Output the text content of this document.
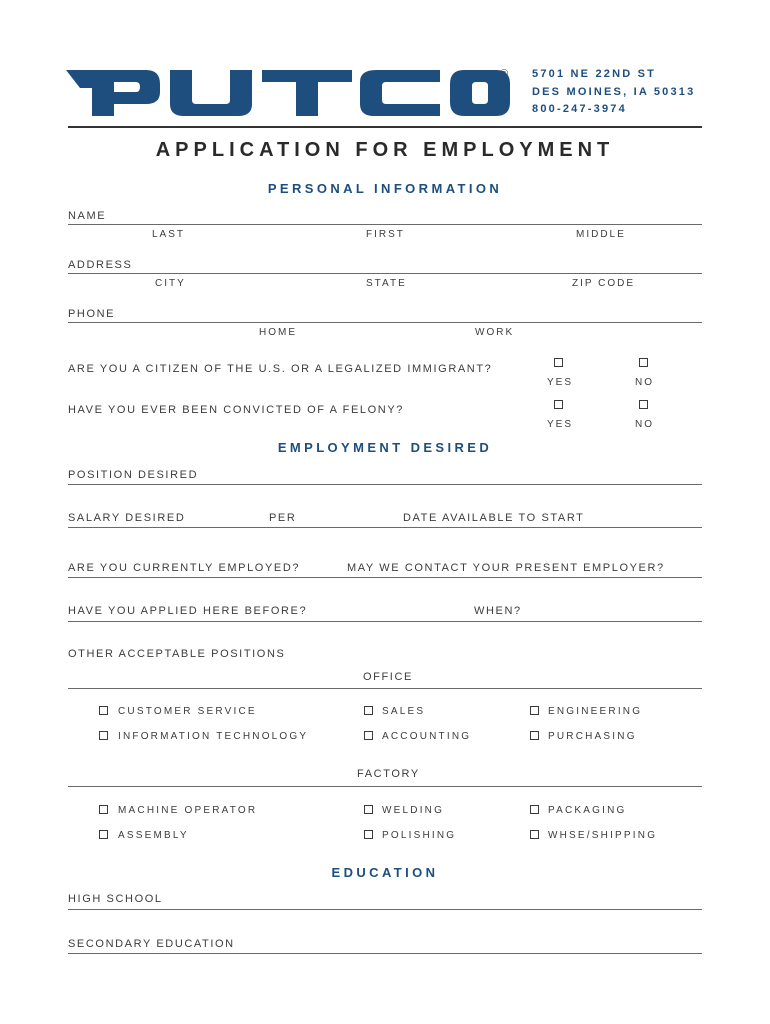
® 5701 NE 22ND ST
DES MOINES, IA 50313
800-247-3974
APPLICATION FOR EMPLOYMENT
PERSONAL INFORMATION
NAME
LAST	FIRST	MIDDLE
ADDRESS
CITY	STATE	ZIP CODE
PHONE
HOME	WORK
ARE YOU A CITIZEN OF THE U.S. OR A LEGALIZED IMMIGRANT?
YES	NO
HAVE YOU EVER BEEN CONVICTED OF A FELONY?
YES	NO
EMPLOYMENT DESIRED
POSITION DESIRED
SALARY DESIRED	PER	DATE AVAILABLE TO START
ARE YOU CURRENTLY EMPLOYED?	MAY WE CONTACT YOUR PRESENT EMPLOYER?
HAVE YOU APPLIED HERE BEFORE?	WHEN?
OTHER ACCEPTABLE POSITIONS
OFFICE
CUSTOMER SERVICE	SALES	ENGINEERING
INFORMATION TECHNOLOGY	ACCOUNTING	PURCHASING
FACTORY
MACHINE OPERATOR	WELDING	PACKAGING
ASSEMBLY	POLISHING	WHSE/SHIPPING
EDUCATION
HIGH SCHOOL
SECONDARY EDUCATION
